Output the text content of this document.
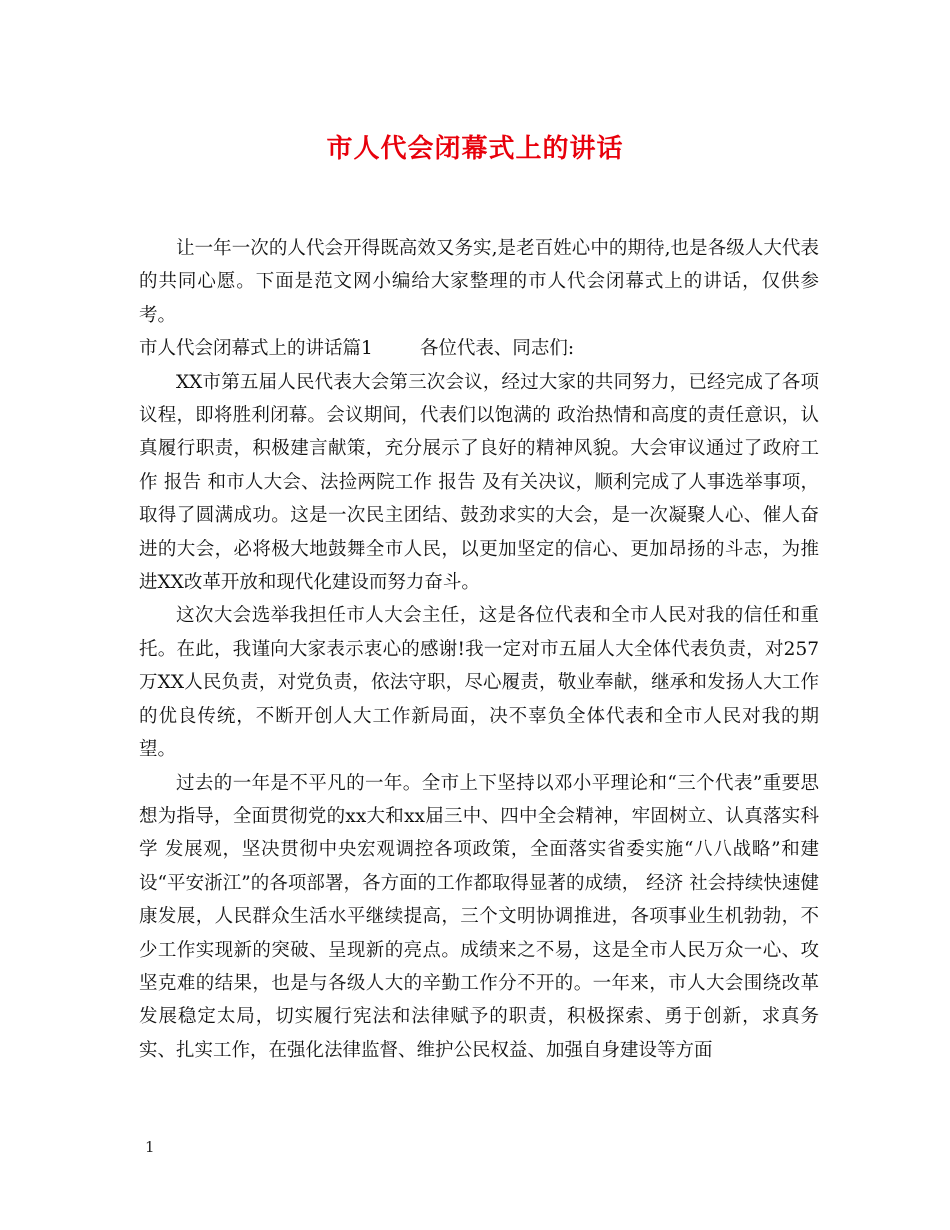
市人代会闭幕式上的讲话

让一年一次的人代会开得既高效又务实,是老百姓心中的期待,也是各级人大代表的共同心愿。下面是范文网小编给大家整理的市人代会闭幕式上的讲话，仅供参考。

市人代会闭幕式上的讲话篇1	各位代表、同志们:

XX市第五届人民代表大会第三次会议，经过大家的共同努力，已经完成了各项议程，即将胜利闭幕。会议期间，代表们以饱满的 政治热情和高度的责任意识，认真履行职责，积极建言献策，充分展示了良好的精神风貌。大会审议通过了政府工作 报告 和市人大会、法捡两院工作 报告 及有关决议，顺利完成了人事选举事项，取得了圆满成功。这是一次民主团结、鼓劲求实的大会，是一次凝聚人心、催人奋进的大会，必将极大地鼓舞全市人民，以更加坚定的信心、更加昂扬的斗志，为推进XX改革开放和现代化建设而努力奋斗。

这次大会选举我担任市人大会主任，这是各位代表和全市人民对我的信任和重托。在此，我谨向大家表示衷心的感谢!我一定对市五届人大全体代表负责，对257万XX人民负责，对党负责，依法守职，尽心履责，敬业奉献，继承和发扬人大工作的优良传统，不断开创人大工作新局面，决不辜负全体代表和全市人民对我的期望。

过去的一年是不平凡的一年。全市上下坚持以邓小平理论和“三个代表”重要思想为指导，全面贯彻党的xx大和xx届三中、四中全会精神，牢固树立、认真落实科学 发展观，坚决贯彻中央宏观调控各项政策，全面落实省委实施“八八战略”和建设“平安浙江”的各项部署，各方面的工作都取得显著的成绩， 经济 社会持续快速健康发展，人民群众生活水平继续提高，三个文明协调推进，各项事业生机勃勃，不少工作实现新的突破、呈现新的亮点。成绩来之不易，这是全市人民万众一心、攻坚克难的结果，也是与各级人大的辛勤工作分不开的。一年来，市人大会围绕改革发展稳定太局，切实履行宪法和法律赋予的职责，积极探索、勇于创新，求真务实、扎实工作，在强化法律监督、维护公民权益、加强自身建设等方面

1
